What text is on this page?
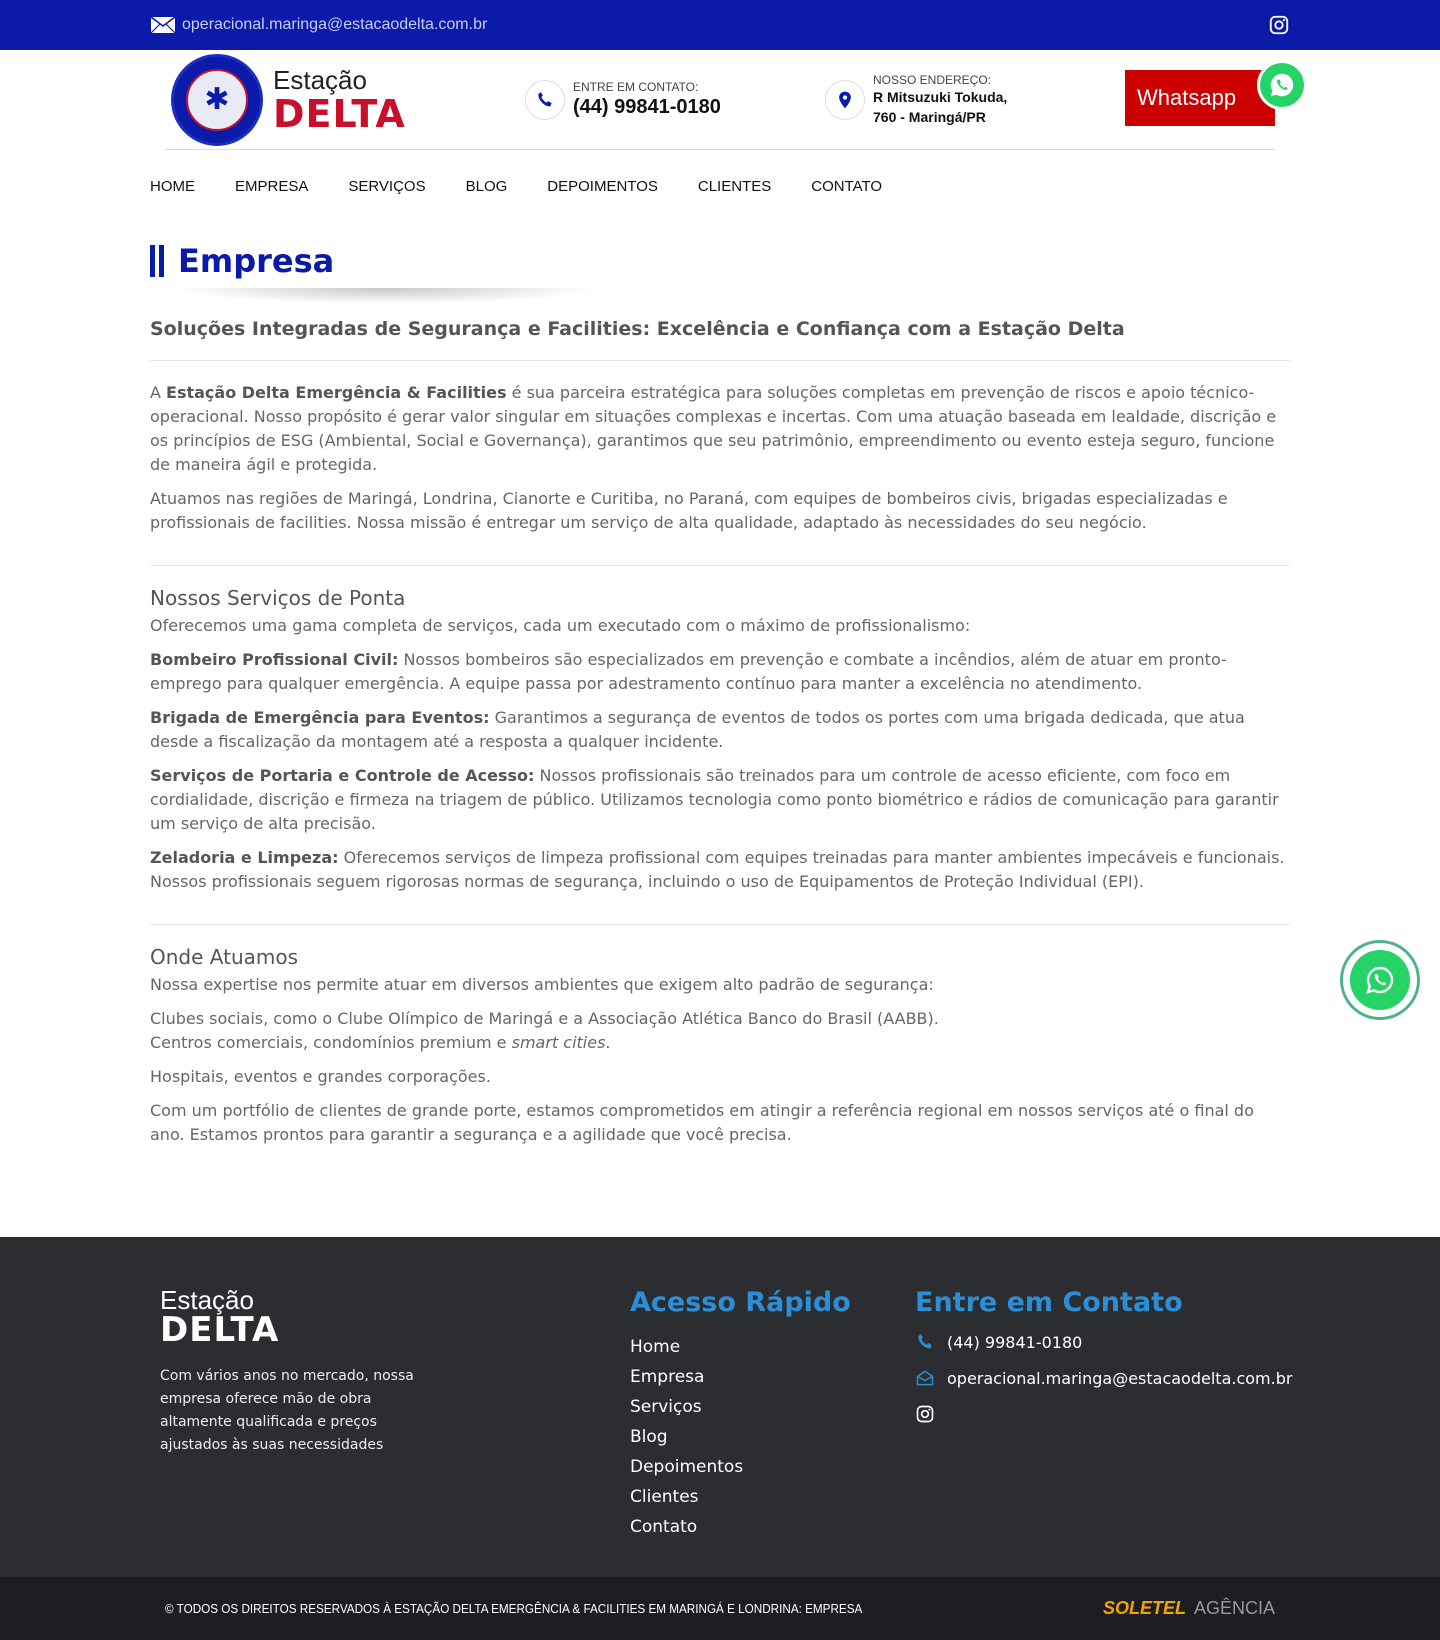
operacional.maringa@estacaodelta.com.br
✱
Estação
DELTA
ENTRE EM CONTATO:
(44) 99841-0180
NOSSO ENDEREÇO:
R Mitsuzuki Tokuda,
760 - Maringá/PR
Whatsapp
HOME	EMPRESA	SERVIÇOS	BLOG	DEPOIMENTOS	CLIENTES	CONTATO
Empresa
Soluções Integradas de Segurança e Facilities: Excelência e Confiança com a Estação Delta

A Estação Delta Emergência & Facilities é sua parceira estratégica para soluções completas em prevenção de riscos e apoio técnico-operacional. Nosso propósito é gerar valor singular em situações complexas e incertas. Com uma atuação baseada em lealdade, discrição e os princípios de ESG (Ambiental, Social e Governança), garantimos que seu patrimônio, empreendimento ou evento esteja seguro, funcione de maneira ágil e protegida.

Atuamos nas regiões de Maringá, Londrina, Cianorte e Curitiba, no Paraná, com equipes de bombeiros civis, brigadas especializadas e profissionais de facilities. Nossa missão é entregar um serviço de alta qualidade, adaptado às necessidades do seu negócio.

Nossos Serviços de Ponta

Oferecemos uma gama completa de serviços, cada um executado com o máximo de profissionalismo:

Bombeiro Profissional Civil: Nossos bombeiros são especializados em prevenção e combate a incêndios, além de atuar em pronto-emprego para qualquer emergência. A equipe passa por adestramento contínuo para manter a excelência no atendimento.

Brigada de Emergência para Eventos: Garantimos a segurança de eventos de todos os portes com uma brigada dedicada, que atua desde a fiscalização da montagem até a resposta a qualquer incidente.

Serviços de Portaria e Controle de Acesso: Nossos profissionais são treinados para um controle de acesso eficiente, com foco em cordialidade, discrição e firmeza na triagem de público. Utilizamos tecnologia como ponto biométrico e rádios de comunicação para garantir um serviço de alta precisão.

Zeladoria e Limpeza: Oferecemos serviços de limpeza profissional com equipes treinadas para manter ambientes impecáveis e funcionais. Nossos profissionais seguem rigorosas normas de segurança, incluindo o uso de Equipamentos de Proteção Individual (EPI).

Onde Atuamos

Nossa expertise nos permite atuar em diversos ambientes que exigem alto padrão de segurança:

Clubes sociais, como o Clube Olímpico de Maringá e a Associação Atlética Banco do Brasil (AABB).
Centros comerciais, condomínios premium e smart cities.

Hospitais, eventos e grandes corporações.

Com um portfólio de clientes de grande porte, estamos comprometidos em atingir a referência regional em nossos serviços até o final do ano. Estamos prontos para garantir a segurança e a agilidade que você precisa.

Estação
DELTA

Com vários anos no mercado, nossa empresa oferece mão de obra altamente qualificada e preços ajustados às suas necessidades

Acesso Rápido
Home
Empresa
Serviços
Blog
Depoimentos
Clientes
Contato
Entre em Contato
(44) 99841-0180
operacional.maringa@estacaodelta.com.br
© TODOS OS DIREITOS RESERVADOS À ESTAÇÃO DELTA EMERGÊNCIA & FACILITIES EM MARINGÁ E LONDRINA: EMPRESA	SOLETEL AGÊNCIA
